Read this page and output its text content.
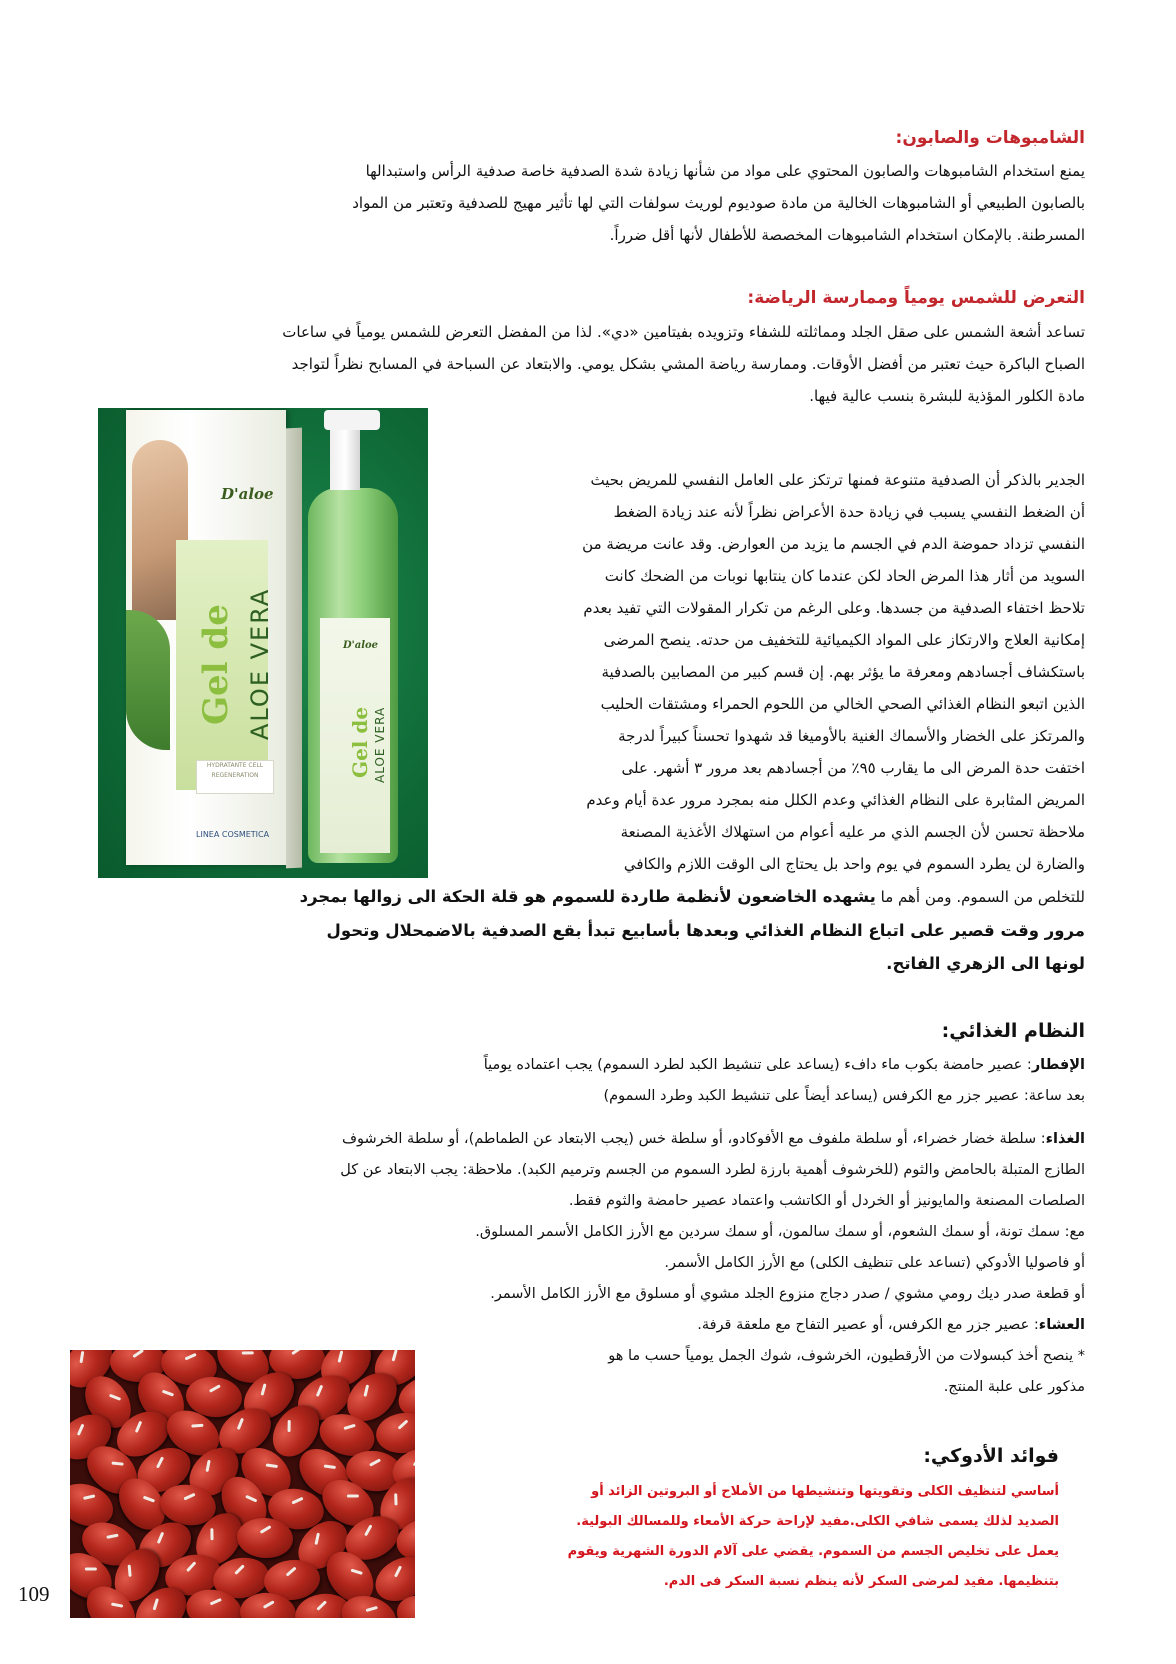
الشامبوهات والصابون:

يمنع استخدام الشامبوهات والصابون المحتوي على مواد من شأنها زيادة شدة الصدفية خاصة صدفية الرأس واستبدالها

بالصابون الطبيعي أو الشامبوهات الخالية من مادة صوديوم لوريث سولفات التي لها تأثير مهيج للصدفية وتعتبر من المواد

المسرطنة. بالإمكان استخدام الشامبوهات المخصصة للأطفال لأنها أقل ضرراً.

التعرض للشمس يومياً وممارسة الرياضة:

تساعد أشعة الشمس على صقل الجلد ومماثلته للشفاء وتزويده بفيتامين «دي». لذا من المفضل التعرض للشمس يومياً في ساعات

الصباح الباكرة حيث تعتبر من أفضل الأوقات. وممارسة رياضة المشي بشكل يومي. والابتعاد عن السباحة في المسابح نظراً لتواجد

مادة الكلور المؤذية للبشرة بنسب عالية فيها.

D'aloe
Gel de ALOE VERA
HYDRATANTE CELL REGENERATION
LINEA COSMETICA
D'aloe
Gel de ALOE VERA

الجدير بالذكر أن الصدفية متنوعة فمنها ترتكز على العامل النفسي للمريض بحيث

أن الضغط النفسي يسبب في زيادة حدة الأعراض نظراً لأنه عند زيادة الضغط

النفسي تزداد حموضة الدم في الجسم ما يزيد من العوارض. وقد عانت مريضة من

السويد من أثار هذا المرض الحاد لكن عندما كان ينتابها نوبات من الضحك كانت

تلاحظ اختفاء الصدفية من جسدها. وعلى الرغم من تكرار المقولات التي تفيد بعدم

إمكانية العلاج والارتكاز على المواد الكيميائية للتخفيف من حدته. ينصح المرضى

باستكشاف أجسادهم ومعرفة ما يؤثر بهم. إن قسم كبير من المصابين بالصدفية

الذين اتبعو النظام الغذائي الصحي الخالي من اللحوم الحمراء ومشتقات الحليب

والمرتكز على الخضار والأسماك الغنية بالأوميغا قد شهدوا تحسناً كبيراً لدرجة

اختفت حدة المرض الى ما يقارب ٩٥٪ من أجسادهم بعد مرور ٣ أشهر. على

المريض المثابرة على النظام الغذائي وعدم الكلل منه بمجرد مرور عدة أيام وعدم

ملاحظة تحسن لأن الجسم الذي مر عليه أعوام من استهلاك الأغذية المصنعة

والضارة لن يطرد السموم في يوم واحد بل يحتاج الى الوقت اللازم والكافي

للتخلص من السموم. ومن أهم ما يشهده الخاضعون لأنظمة طاردة للسموم هو قلة الحكة الى زوالها بمجرد

مرور وقت قصير على اتباع النظام الغذائي وبعدها بأسابيع تبدأ بقع الصدفية بالاضمحلال وتحول

لونها الى الزهري الفاتح.

النظام الغذائي:

الإفطار: عصير حامضة بكوب ماء دافء (يساعد على تنشيط الكبد لطرد السموم) يجب اعتماده يومياً

بعد ساعة: عصير جزر مع الكرفس (يساعد أيضاً على تنشيط الكبد وطرد السموم)

الغذاء: سلطة خضار خضراء، أو سلطة ملفوف مع الأفوكادو، أو سلطة خس (يجب الابتعاد عن الطماطم)، أو سلطة الخرشوف

الطازج المتبلة بالحامض والثوم (للخرشوف أهمية بارزة لطرد السموم من الجسم وترميم الكبد). ملاحظة: يجب الابتعاد عن كل

الصلصات المصنعة والمايونيز أو الخردل أو الكاتشب واعتماد عصير حامضة والثوم فقط.

مع: سمك تونة، أو سمك الشعوم، أو سمك سالمون، أو سمك سردين مع الأرز الكامل الأسمر المسلوق.

أو فاصوليا الأدوكي (تساعد على تنظيف الكلى) مع الأرز الكامل الأسمر.

أو قطعة صدر ديك رومي مشوي / صدر دجاج منزوع الجلد مشوي أو مسلوق مع الأرز الكامل الأسمر.

العشاء: عصير جزر مع الكرفس، أو عصير التفاح مع ملعقة قرفة.

* ينصح أخذ كبسولات من الأرقطيون، الخرشوف، شوك الجمل يومياً حسب ما هو

مذكور على علبة المنتج.

فوائد الأدوكي:

أساسي لتنظيف الكلى وتقويتها وتنشيطها من الأملاح أو البروتين الزائد أو

الصديد لذلك يسمى شافي الكلى.مفيد لإراحة حركة الأمعاء وللمسالك البولية.

يعمل على تخليص الجسم من السموم. يقضي على آلام الدورة الشهرية ويقوم

بتنظيمها. مفيد لمرضى السكر لأنه ينظم نسبة السكر فى الدم.

109
